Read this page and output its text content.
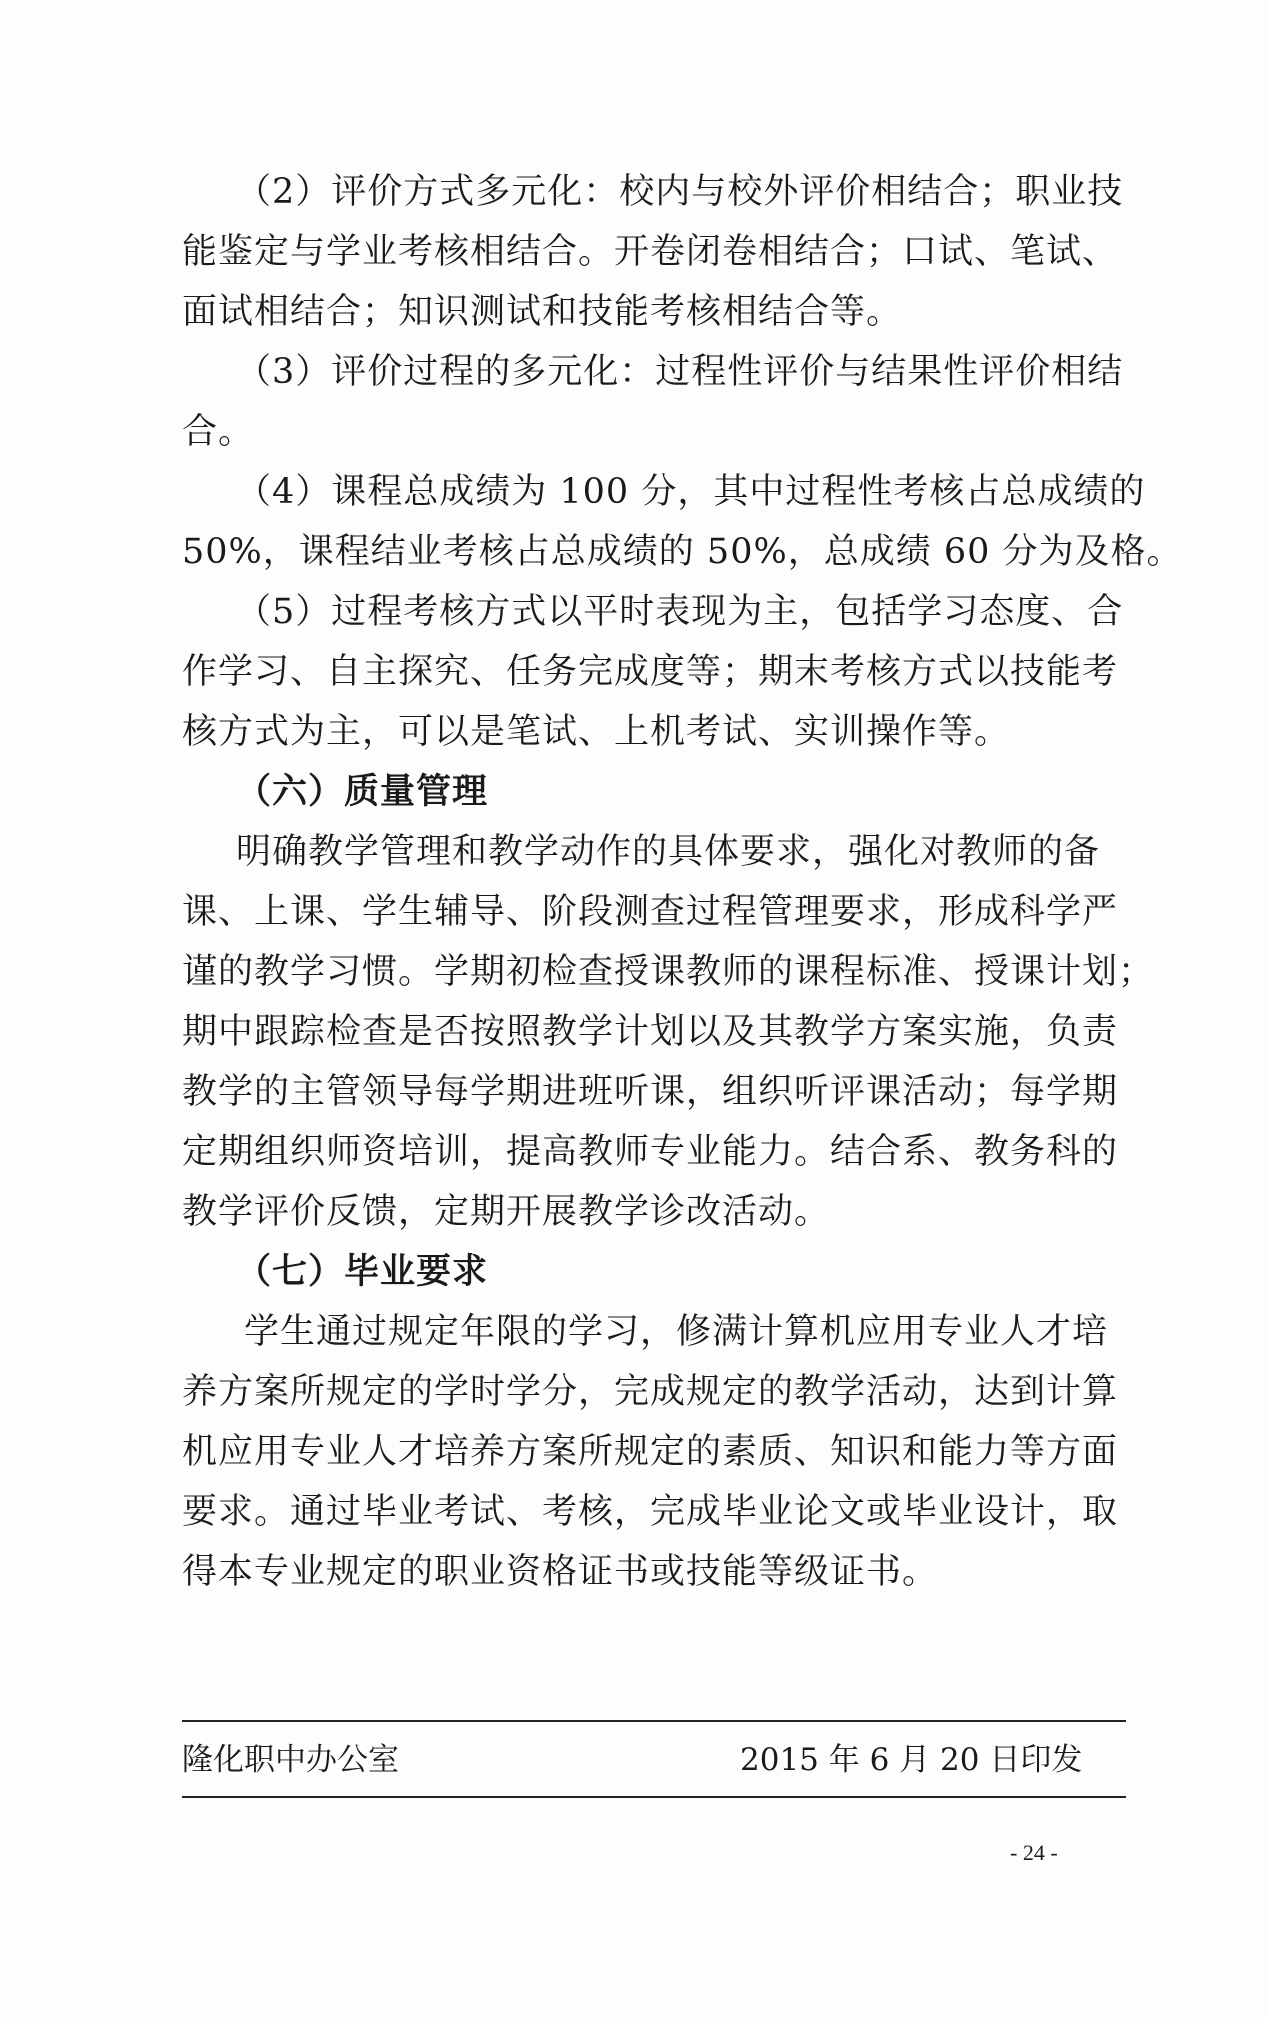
（2）评价方式多元化：校内与校外评价相结合；职业技
能鉴定与学业考核相结合。开卷闭卷相结合；口试、笔试、
面试相结合；知识测试和技能考核相结合等。
（3）评价过程的多元化：过程性评价与结果性评价相结
合。
（4）课程总成绩为 100 分，其中过程性考核占总成绩的
50%，课程结业考核占总成绩的 50%，总成绩 60 分为及格。
（5）过程考核方式以平时表现为主，包括学习态度、合
作学习、自主探究、任务完成度等；期末考核方式以技能考
核方式为主，可以是笔试、上机考试、实训操作等。
（六）质量管理
明确教学管理和教学动作的具体要求，强化对教师的备
课、上课、学生辅导、阶段测查过程管理要求，形成科学严
谨的教学习惯。学期初检查授课教师的课程标准、授课计划；
期中跟踪检查是否按照教学计划以及其教学方案实施，负责
教学的主管领导每学期进班听课，组织听评课活动；每学期
定期组织师资培训，提高教师专业能力。结合系、教务科的
教学评价反馈，定期开展教学诊改活动。
（七）毕业要求
学生通过规定年限的学习，修满计算机应用专业人才培
养方案所规定的学时学分，完成规定的教学活动，达到计算
机应用专业人才培养方案所规定的素质、知识和能力等方面
要求。通过毕业考试、考核，完成毕业论文或毕业设计，取
得本专业规定的职业资格证书或技能等级证书。
隆化职中办公室	2015 年 6 月 20 日印发
- 24 -
